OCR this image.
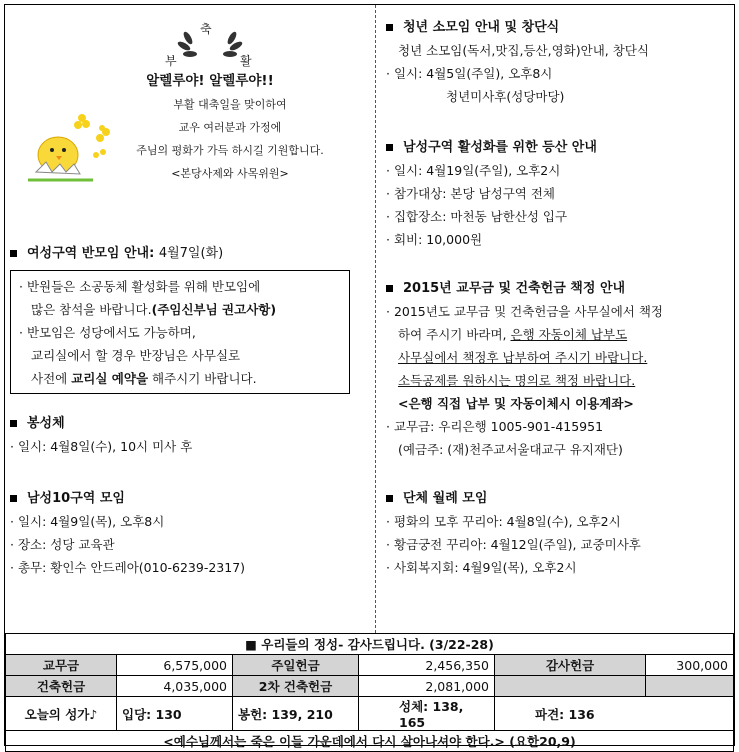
축
부	활
알렐루야! 알렐루야!!
부활 대축일을 맞이하여
교우 여러분과 가정에
주님의 평화가 가득 하시길 기원합니다.
<본당사제와 사목위원>
여성구역 반모임 안내:
4월7일(화)
· 반원들은 소공동체 활성화를 위해 반모임에
많은 참석을 바랍니다.(주임신부님 권고사항)
· 반모임은 성당에서도 가능하며,
교리실에서 할 경우 반장님은 사무실로
사전에 교리실 예약을 해주시기 바랍니다.
봉성체
· 일시: 4월8일(수), 10시 미사 후
남성10구역 모임
· 일시: 4월9일(목), 오후8시
· 장소: 성당 교육관
· 총무: 황인수 안드레아(010-6239-2317)
청년 소모임 안내 및 창단식
청년 소모임(독서,맛집,등산,영화)안내, 창단식
· 일시: 4월5일(주일), 오후8시
청년미사후(성당마당)
남성구역 활성화를 위한 등산 안내
· 일시: 4월19일(주일), 오후2시
· 참가대상: 본당 남성구역 전체
· 집합장소: 마천동 남한산성 입구
· 회비: 10,000원
2015년 교무금 및 건축헌금 책정 안내
· 2015년도 교무금 및 건축헌금을 사무실에서 책정
하여 주시기 바라며, 은행 자동이체 납부도
사무실에서 책정후 납부하여 주시기 바랍니다.
소득공제를 원하시는 명의로 책정 바랍니다.
<은행 직접 납부 및 자동이체시 이용계좌>
· 교무금: 우리은행 1005-901-415951
(예금주: (재)천주교서울대교구 유지재단)
단체 월례 모임
· 평화의 모후 꾸리아: 4월8일(수), 오후2시
· 황금궁전 꾸리아: 4월12일(주일), 교중미사후
· 사회복지회: 4월9일(목), 오후2시
■ 우리들의 정성- 감사드립니다. (3/22-28)					
교무금	6,575,000	주일헌금	2,456,350	감사헌금	300,000
건축헌금	4,035,000	2차 건축헌금	2,081,000		
오늘의 성가♪	입당: 130	봉헌: 139, 210	성체: 138, 165	파견: 136	
<예수님께서는 죽은 이들 가운데에서 다시 살아나셔야 한다.> (요한20,9)					
